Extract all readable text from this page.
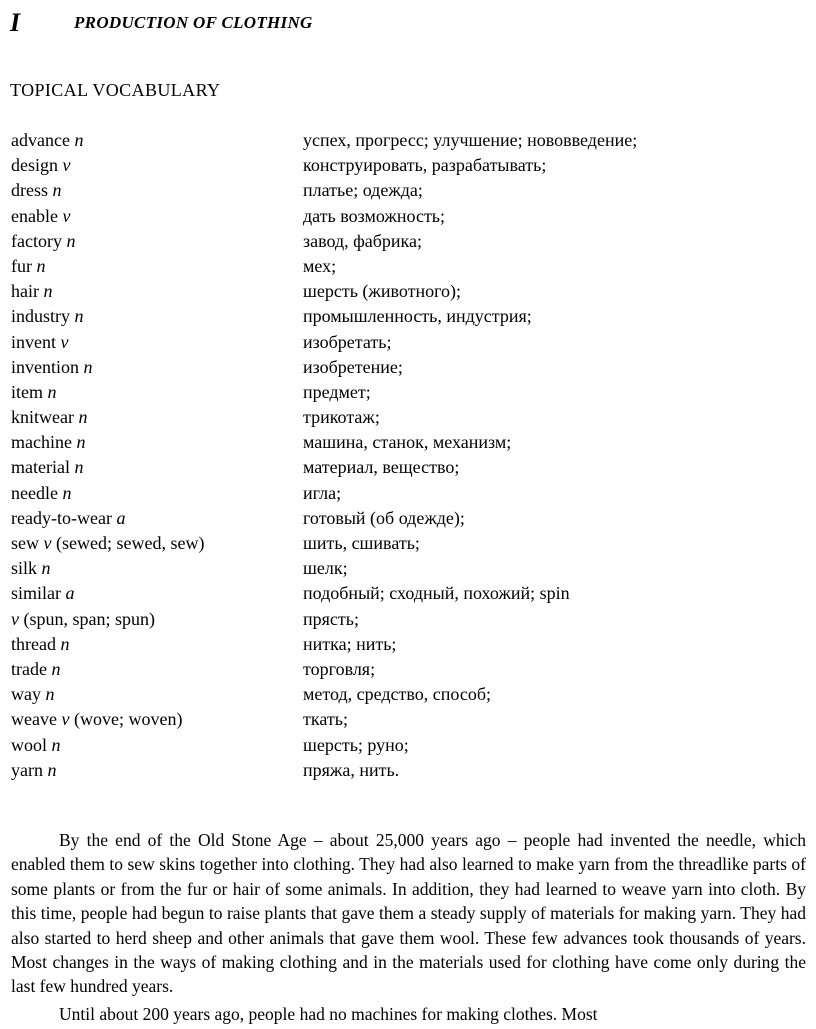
I	PRODUCTION OF CLOTHING
TOPICAL VOCABULARY
advance n	успех, прогресс; улучшение; нововведение;
design v	конструировать, разрабатывать;
dress n	платье; одежда;
enable v	дать возможность;
factory n	завод, фабрика;
fur n	мех;
hair n	шерсть (животного);
industry n	промышленность, индустрия;
invent v	изобретать;
invention n	изобретение;
item n	предмет;
knitwear n	трикотаж;
machine n	машина, станок, механизм;
material n	материал, вещество;
needle n	игла;
ready-to-wear a	готовый (об одежде);
sew v (sewed; sewed, sew)	шить, сшивать;
silk n	шелк;
similar a	подобный; сходный, похожий; spin
v (spun, span; spun)	прясть;
thread n	нитка; нить;
trade n	торговля;
way n	метод, средство, способ;
weave v (wove; woven)	ткать;
wool n	шерсть; руно;
yarn n	пряжа, нить.

By the end of the Old Stone Age – about 25,000 years ago – people had invented the needle, which enabled them to sew skins together into clothing. They had also learned to make yarn from the threadlike parts of some plants or from the fur or hair of some animals. In addition, they had learned to weave yarn into cloth. By this time, people had begun to raise plants that gave them a steady supply of materials for making yarn. They had also started to herd sheep and other animals that gave them wool. These few advances took thousands of years. Most changes in the ways of making clothing and in the materials used for clothing have come only during the last few hundred years.

Until about 200 years ago, people had no machines for making clothes. Most
